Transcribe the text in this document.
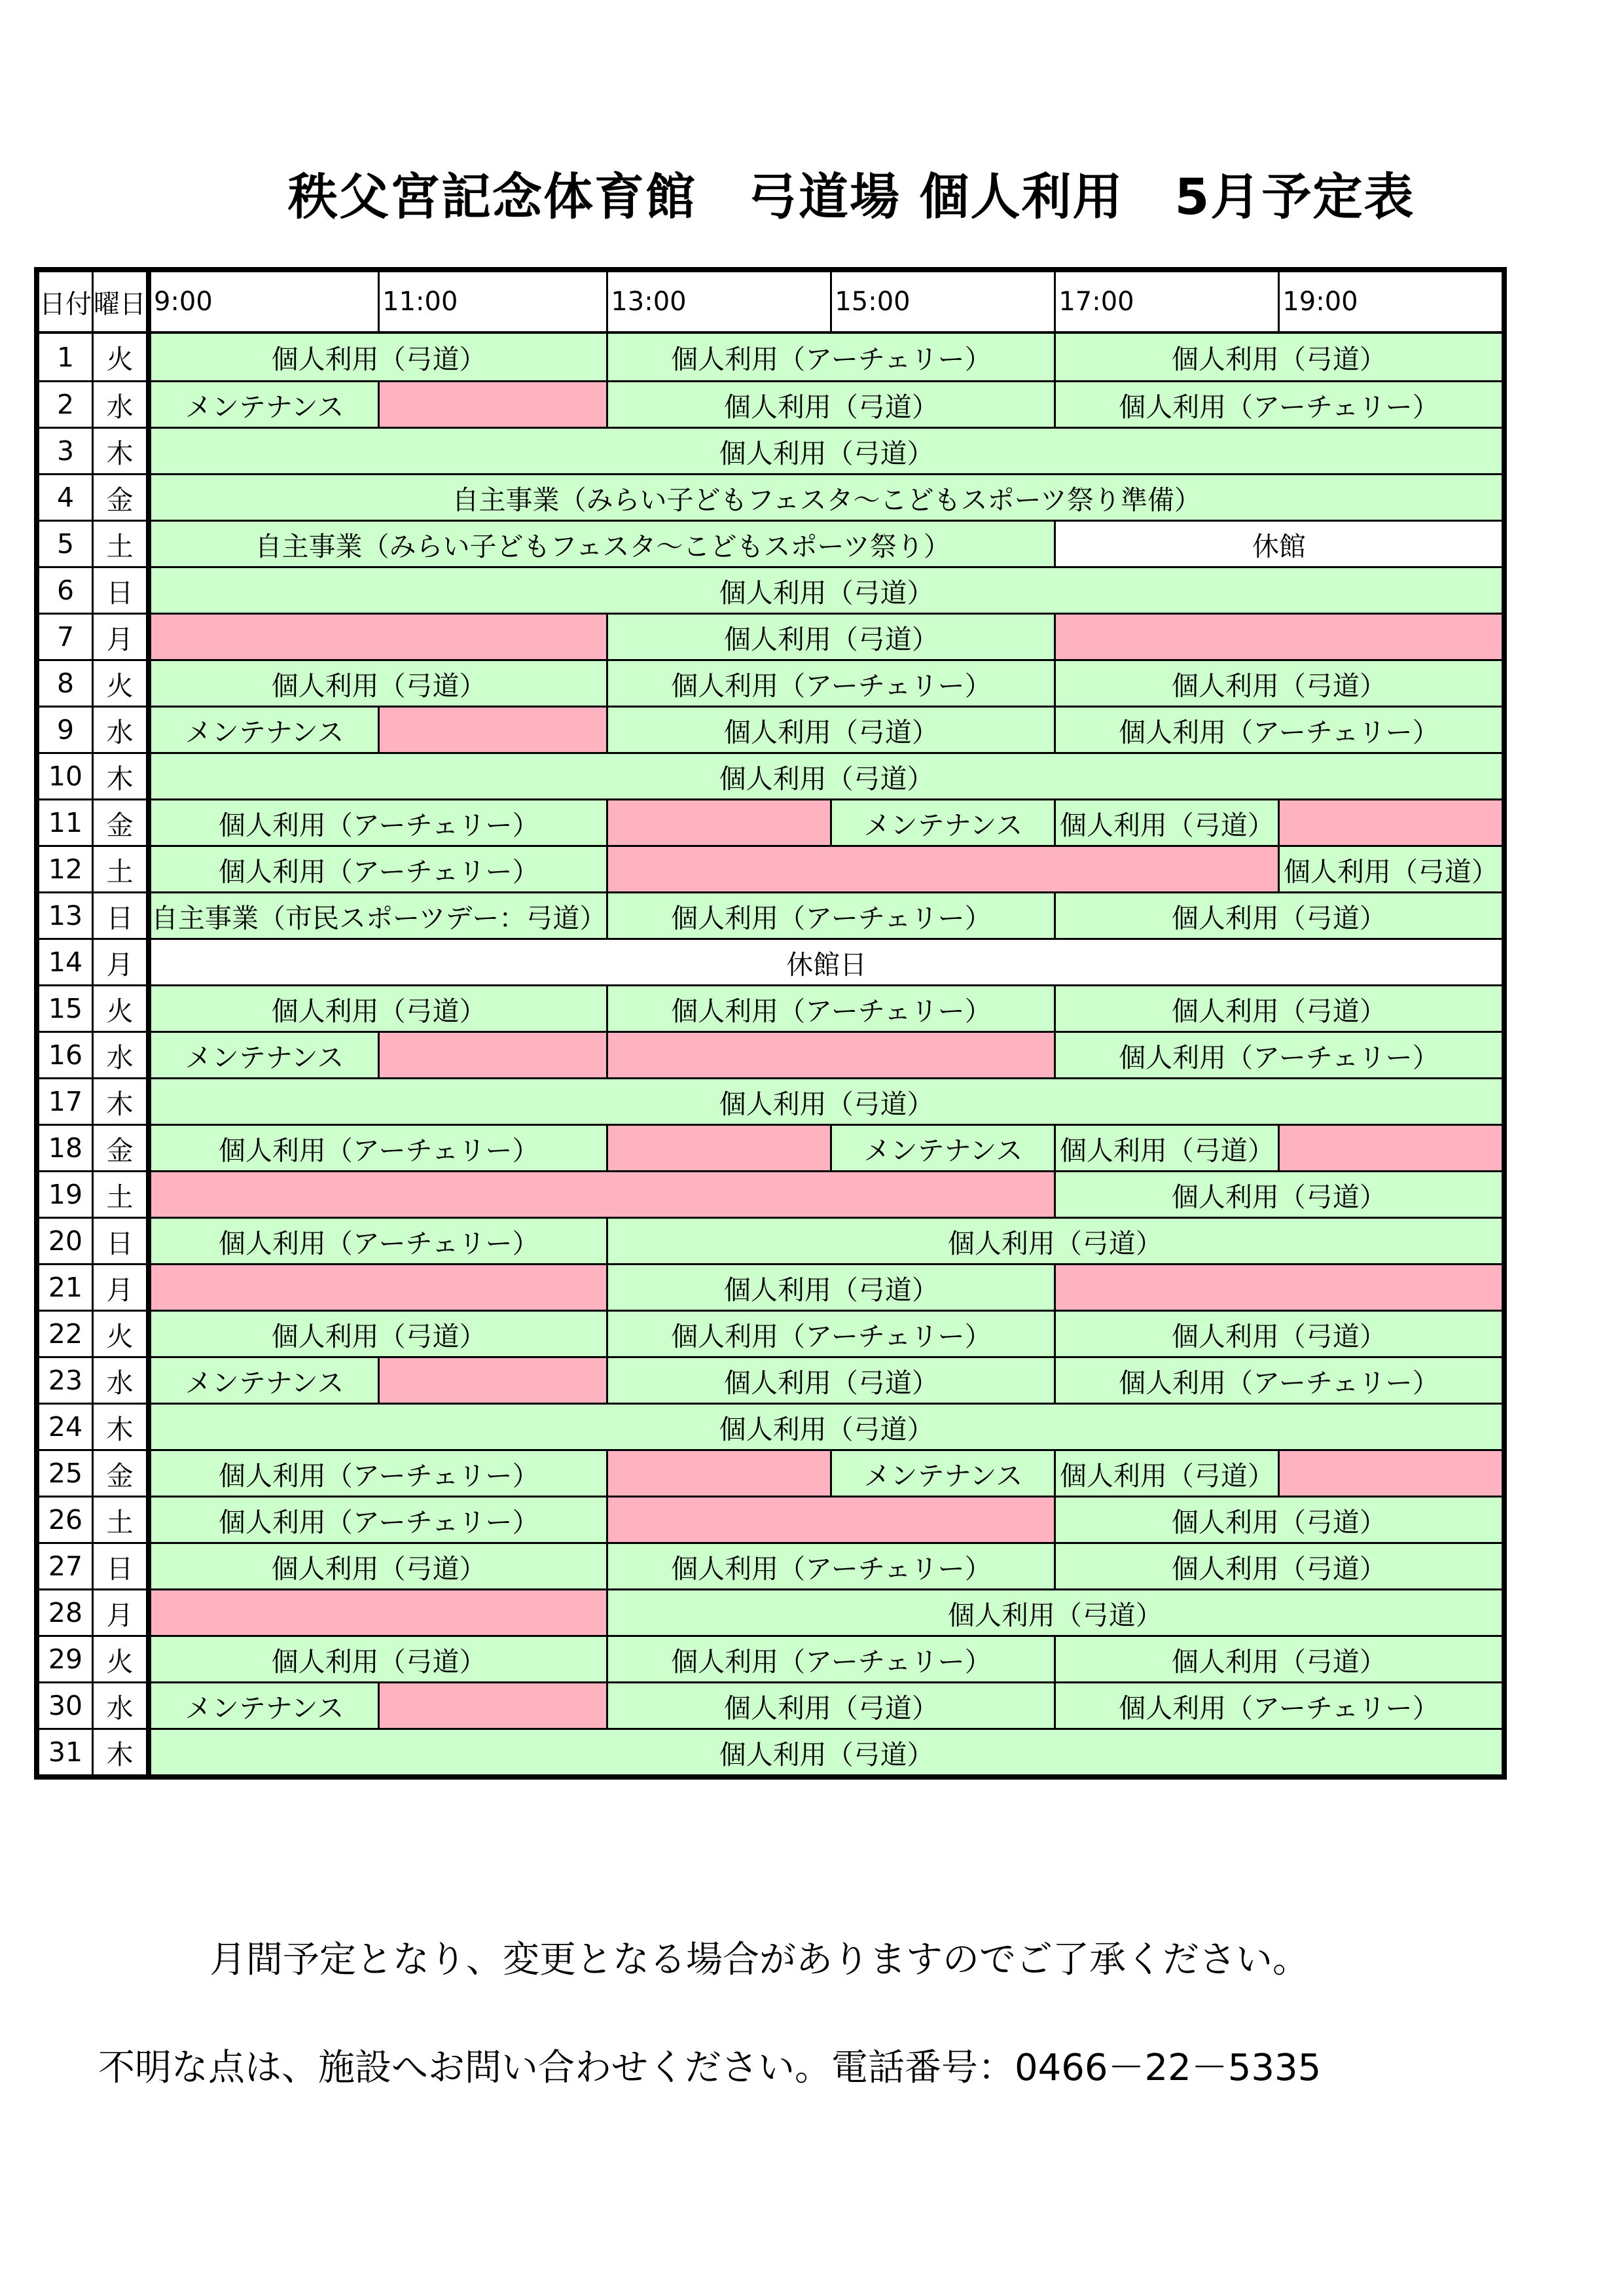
秩父宮記念体育館　弓道場 個人利用　5月予定表
日付	曜日	9:00	11:00	13:00	15:00	17:00	19:00
1	火	個人利用（弓道）		個人利用（アーチェリー）		個人利用（弓道）	
2	水	メンテナンス		個人利用（弓道）		個人利用（アーチェリー）	
3	木	個人利用（弓道）					
4	金	自主事業（みらい子どもフェスタ～こどもスポーツ祭り準備）					
5	土	自主事業（みらい子どもフェスタ～こどもスポーツ祭り）				休館	
6	日	個人利用（弓道）					
7	月			個人利用（弓道）			
8	火	個人利用（弓道）		個人利用（アーチェリー）		個人利用（弓道）	
9	水	メンテナンス		個人利用（弓道）		個人利用（アーチェリー）	
10	木	個人利用（弓道）					
11	金	個人利用（アーチェリー）			メンテナンス	個人利用（弓道）	
12	土	個人利用（アーチェリー）					個人利用（弓道）
13	日	自主事業（市民スポーツデー：弓道）		個人利用（アーチェリー）		個人利用（弓道）	
14	月	休館日					
15	火	個人利用（弓道）		個人利用（アーチェリー）		個人利用（弓道）	
16	水	メンテナンス				個人利用（アーチェリー）	
17	木	個人利用（弓道）					
18	金	個人利用（アーチェリー）			メンテナンス	個人利用（弓道）	
19	土					個人利用（弓道）	
20	日	個人利用（アーチェリー）		個人利用（弓道）			
21	月			個人利用（弓道）			
22	火	個人利用（弓道）		個人利用（アーチェリー）		個人利用（弓道）	
23	水	メンテナンス		個人利用（弓道）		個人利用（アーチェリー）	
24	木	個人利用（弓道）					
25	金	個人利用（アーチェリー）			メンテナンス	個人利用（弓道）	
26	土	個人利用（アーチェリー）				個人利用（弓道）	
27	日	個人利用（弓道）		個人利用（アーチェリー）		個人利用（弓道）	
28	月			個人利用（弓道）			
29	火	個人利用（弓道）		個人利用（アーチェリー）		個人利用（弓道）	
30	水	メンテナンス		個人利用（弓道）		個人利用（アーチェリー）	
31	木	個人利用（弓道）					
月間予定となり、変更となる場合がありますのでご了承ください。
不明な点は、施設へお問い合わせください。電話番号：0466－22－5335
